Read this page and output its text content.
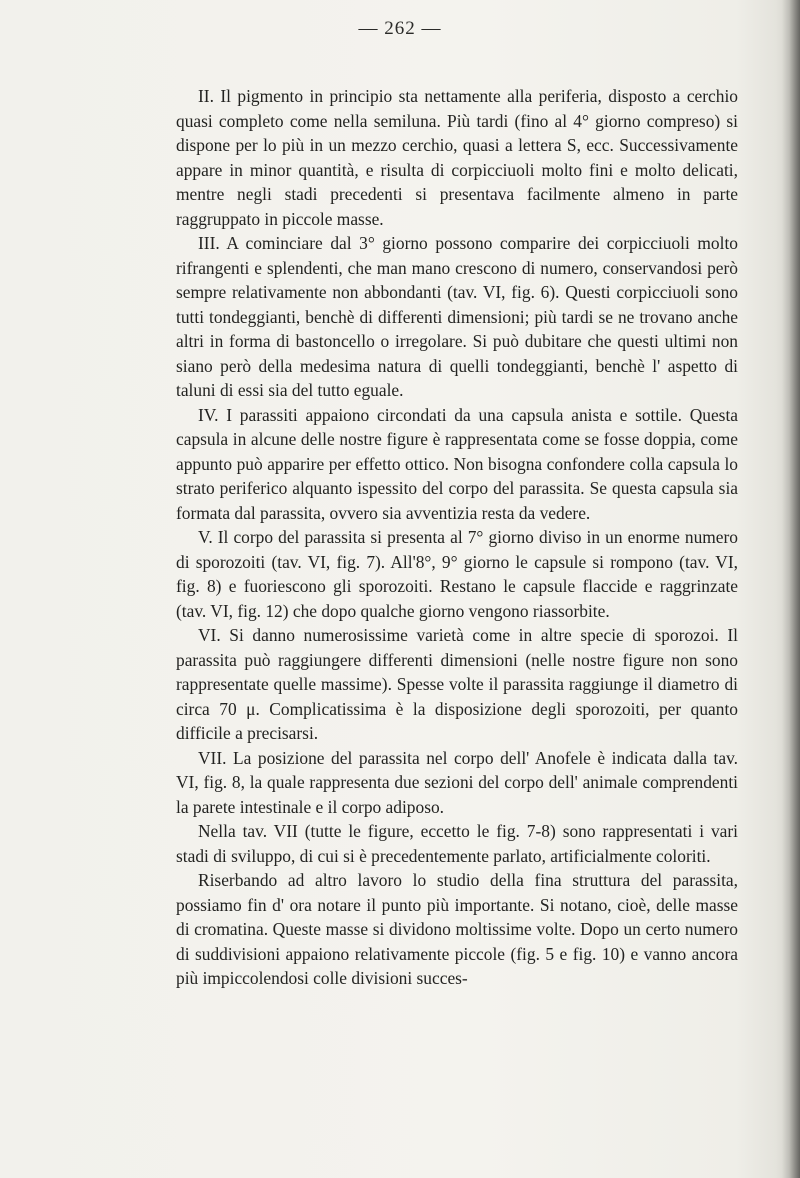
— 262 —

II. Il pigmento in principio sta nettamente alla periferia, disposto a cerchio quasi completo come nella semiluna. Più tardi (fino al 4° giorno compreso) si dispone per lo più in un mezzo cerchio, quasi a lettera S, ecc. Successivamente appare in minor quantità, e risulta di corpicciuoli molto fini e molto delicati, mentre negli stadi precedenti si presentava facilmente almeno in parte raggruppato in piccole masse.

III. A cominciare dal 3° giorno possono comparire dei corpicciuoli molto rifrangenti e splendenti, che man mano crescono di numero, conservandosi però sempre relativamente non abbondanti (tav. VI, fig. 6). Questi corpicciuoli sono tutti tondeggianti, benchè di differenti dimensioni; più tardi se ne trovano anche altri in forma di bastoncello o irregolare. Si può dubitare che questi ultimi non siano però della medesima natura di quelli tondeggianti, benchè l' aspetto di taluni di essi sia del tutto eguale.

IV. I parassiti appaiono circondati da una capsula anista e sottile. Questa capsula in alcune delle nostre figure è rappresentata come se fosse doppia, come appunto può apparire per effetto ottico. Non bisogna confondere colla capsula lo strato periferico alquanto ispessito del corpo del parassita. Se questa capsula sia formata dal parassita, ovvero sia avventizia resta da vedere.

V. Il corpo del parassita si presenta al 7° giorno diviso in un enorme numero di sporozoiti (tav. VI, fig. 7). All'8°, 9° giorno le capsule si rompono (tav. VI, fig. 8) e fuoriescono gli sporozoiti. Restano le capsule flaccide e raggrinzate (tav. VI, fig. 12) che dopo qualche giorno vengono riassorbite.

VI. Si danno numerosissime varietà come in altre specie di sporozoi. Il parassita può raggiungere differenti dimensioni (nelle nostre figure non sono rappresentate quelle massime). Spesse volte il parassita raggiunge il diametro di circa 70 μ. Complicatissima è la disposizione degli sporozoiti, per quanto difficile a precisarsi.

VII. La posizione del parassita nel corpo dell' Anofele è indicata dalla tav. VI, fig. 8, la quale rappresenta due sezioni del corpo dell' animale comprendenti la parete intestinale e il corpo adiposo.

Nella tav. VII (tutte le figure, eccetto le fig. 7-8) sono rappresentati i vari stadi di sviluppo, di cui si è precedentemente parlato, artificialmente coloriti.

Riserbando ad altro lavoro lo studio della fina struttura del parassita, possiamo fin d' ora notare il punto più importante. Si notano, cioè, delle masse di cromatina. Queste masse si dividono moltissime volte. Dopo un certo numero di suddivisioni appaiono relativamente piccole (fig. 5 e fig. 10) e vanno ancora più impiccolendosi colle divisioni succes-
